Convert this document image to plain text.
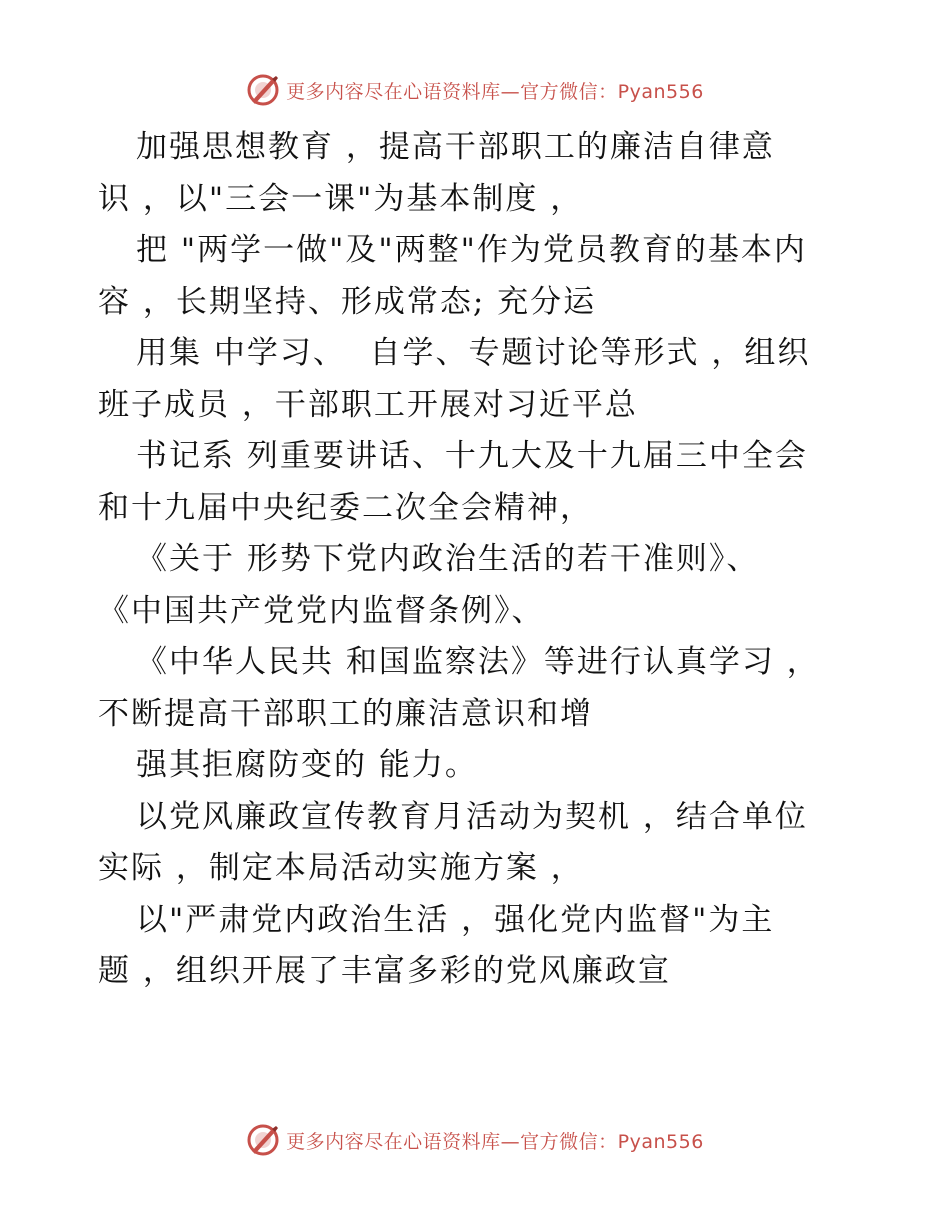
更多内容尽在心语资料库—官方微信：Pyan556
加强思想教育 ，提高干部职工的廉洁自律意
识 ，以"三会一课"为基本制度 ，
把 "两学一做"及"两整"作为党员教育的基本内
容 ，长期坚持、形成常态; 充分运
用集 中学习、  自学、专题讨论等形式 ，组织
班子成员 ，干部职工开展对习近平总
书记系 列重要讲话、十九大及十九届三中全会
和十九届中央纪委二次全会精神，
《关于 形势下党内政治生活的若干准则》、
《中国共产党党内监督条例》、
《中华人民共 和国监察法》等进行认真学习 ，
不断提高干部职工的廉洁意识和增
强其拒腐防变的 能力。
以党风廉政宣传教育月活动为契机 ，结合单位
实际 ，制定本局活动实施方案 ，
以"严肃党内政治生活 ，强化党内监督"为主
题 ，组织开展了丰富多彩的党风廉政宣
更多内容尽在心语资料库—官方微信：Pyan556
